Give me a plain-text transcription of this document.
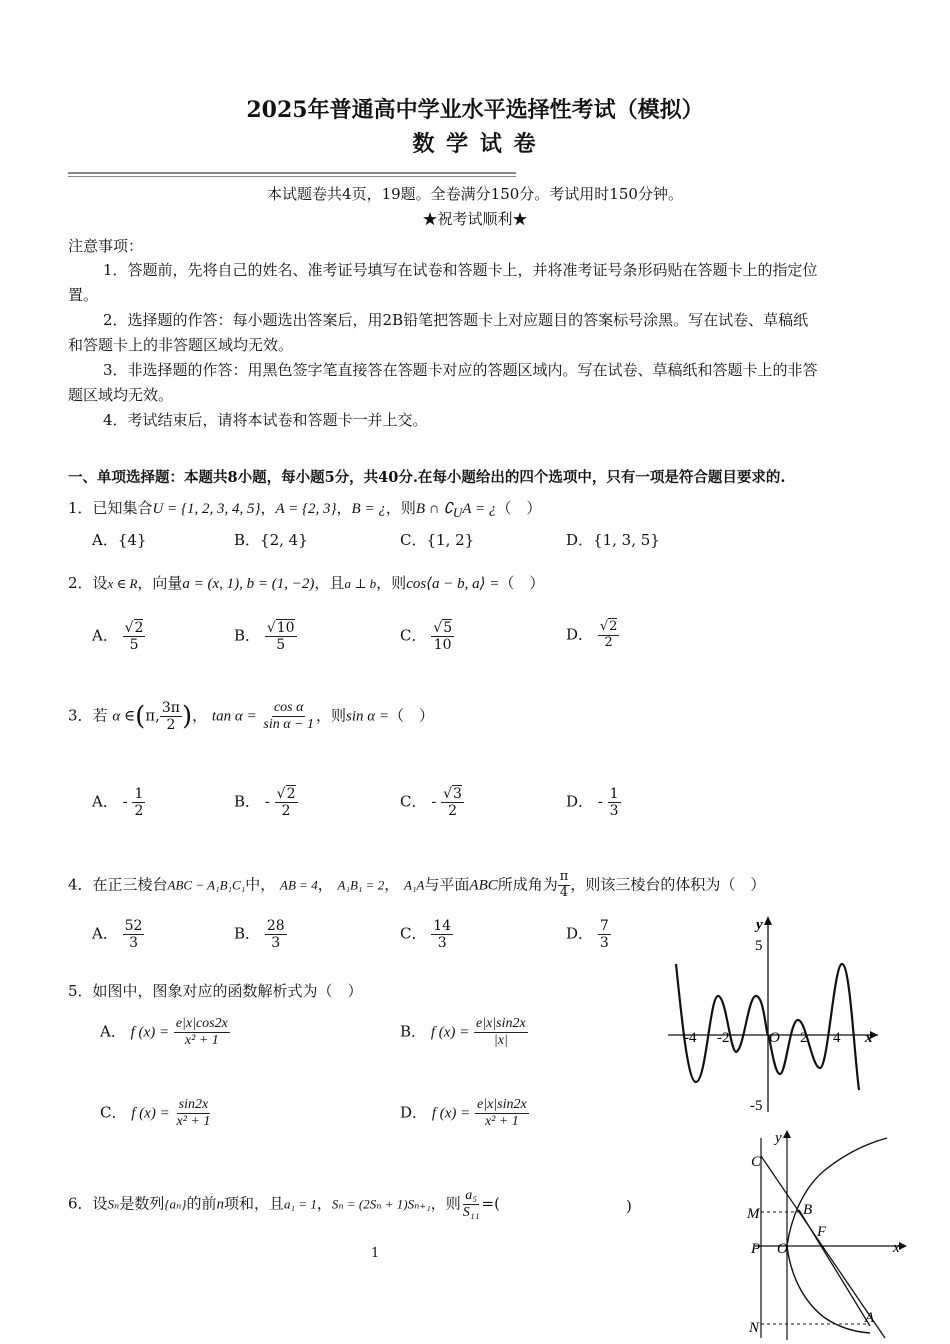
2025年普通高中学业水平选择性考试（模拟）
数 学 试 卷
本试题卷共4页，19题。全卷满分150分。考试用时150分钟。
★祝考试顺利★
注意事项：
1．答题前，先将自己的姓名、准考证号填写在试卷和答题卡上，并将准考证号条形码贴在答题卡上的指定位
置。
2．选择题的作答：每小题选出答案后，用2B铅笔把答题卡上对应题目的答案标号涂黑。写在试卷、草稿纸
和答题卡上的非答题区域均无效。
3．非选择题的作答：用黑色签字笔直接答在答题卡对应的答题区域内。写在试卷、草稿纸和答题卡上的非答
题区域均无效。
4．考试结束后，请将本试卷和答题卡一并上交。
一、单项选择题：本题共8小题，每小题5分，共40分.在每小题给出的四个选项中，只有一项是符合题目要求的.
1．已知集合U = {1, 2, 3, 4, 5}，A = {2, 3}，B = ¿，则B ∩ $∁_UA$ = ¿（　）
A．{4}	B．{2, 4}	C．{1, 2}	D．{1, 3, 5}
2．设x ∈ R，向量a = (x, 1), b = (1, −2)，且a ⊥ b，则cos⟨a − b, a⟩ =（　）
A． $\frac{√2}{5}$	B． $\frac{√10}{5}$	C． $\frac{√5}{10}$	D． $\frac{√2}{2}$
3．若 α ∈(π, $\frac{3\pi}{2}$ )， $\tan \alpha = \frac{\text{cos α}}{\text{sin α − 1}}$ ，则sin α =（　）
A． - $\frac{1}{2}$	B． - $\frac{√2}{2}$	C． - $\frac{√3}{2}$	D． - $\frac{1}{3}$
4．在正三棱台ABC − A₁B₁C₁中， AB = 4， A₁B₁ = 2， A₁A与平面ABC所成角为 $\frac{\pi}{4}$ ，则该三棱台的体积为（　）
A． $\frac{52}{3}$	B． $\frac{28}{3}$	C． $\frac{14}{3}$	D． $\frac{7}{3}$
5．如图中，图象对应的函数解析式为（　）
A． f $(x) = \frac{e|x|\cos 2x}{\text{x² + 1}}$	B． f $(x) = \frac{e|x|\sin 2x}{|x|}$
C． f $(x) = \frac{\sin 2x}{\text{x² + 1}}$	D． f $(x) = \frac{e|x|\sin 2x}{\text{x² + 1}}$
y
x
5
-5
-4 -2	O 2 4
6．设Sₙ是数列{aₙ}的前n项和，且a₁ = 1，Sₙ = (2Sₙ + 1)Sₙ₊₁，则 $\frac{\text{a₅}}{\text{S₁₁}}$ =(	)
C
M
P O
N
B
F
A
x
y
1
